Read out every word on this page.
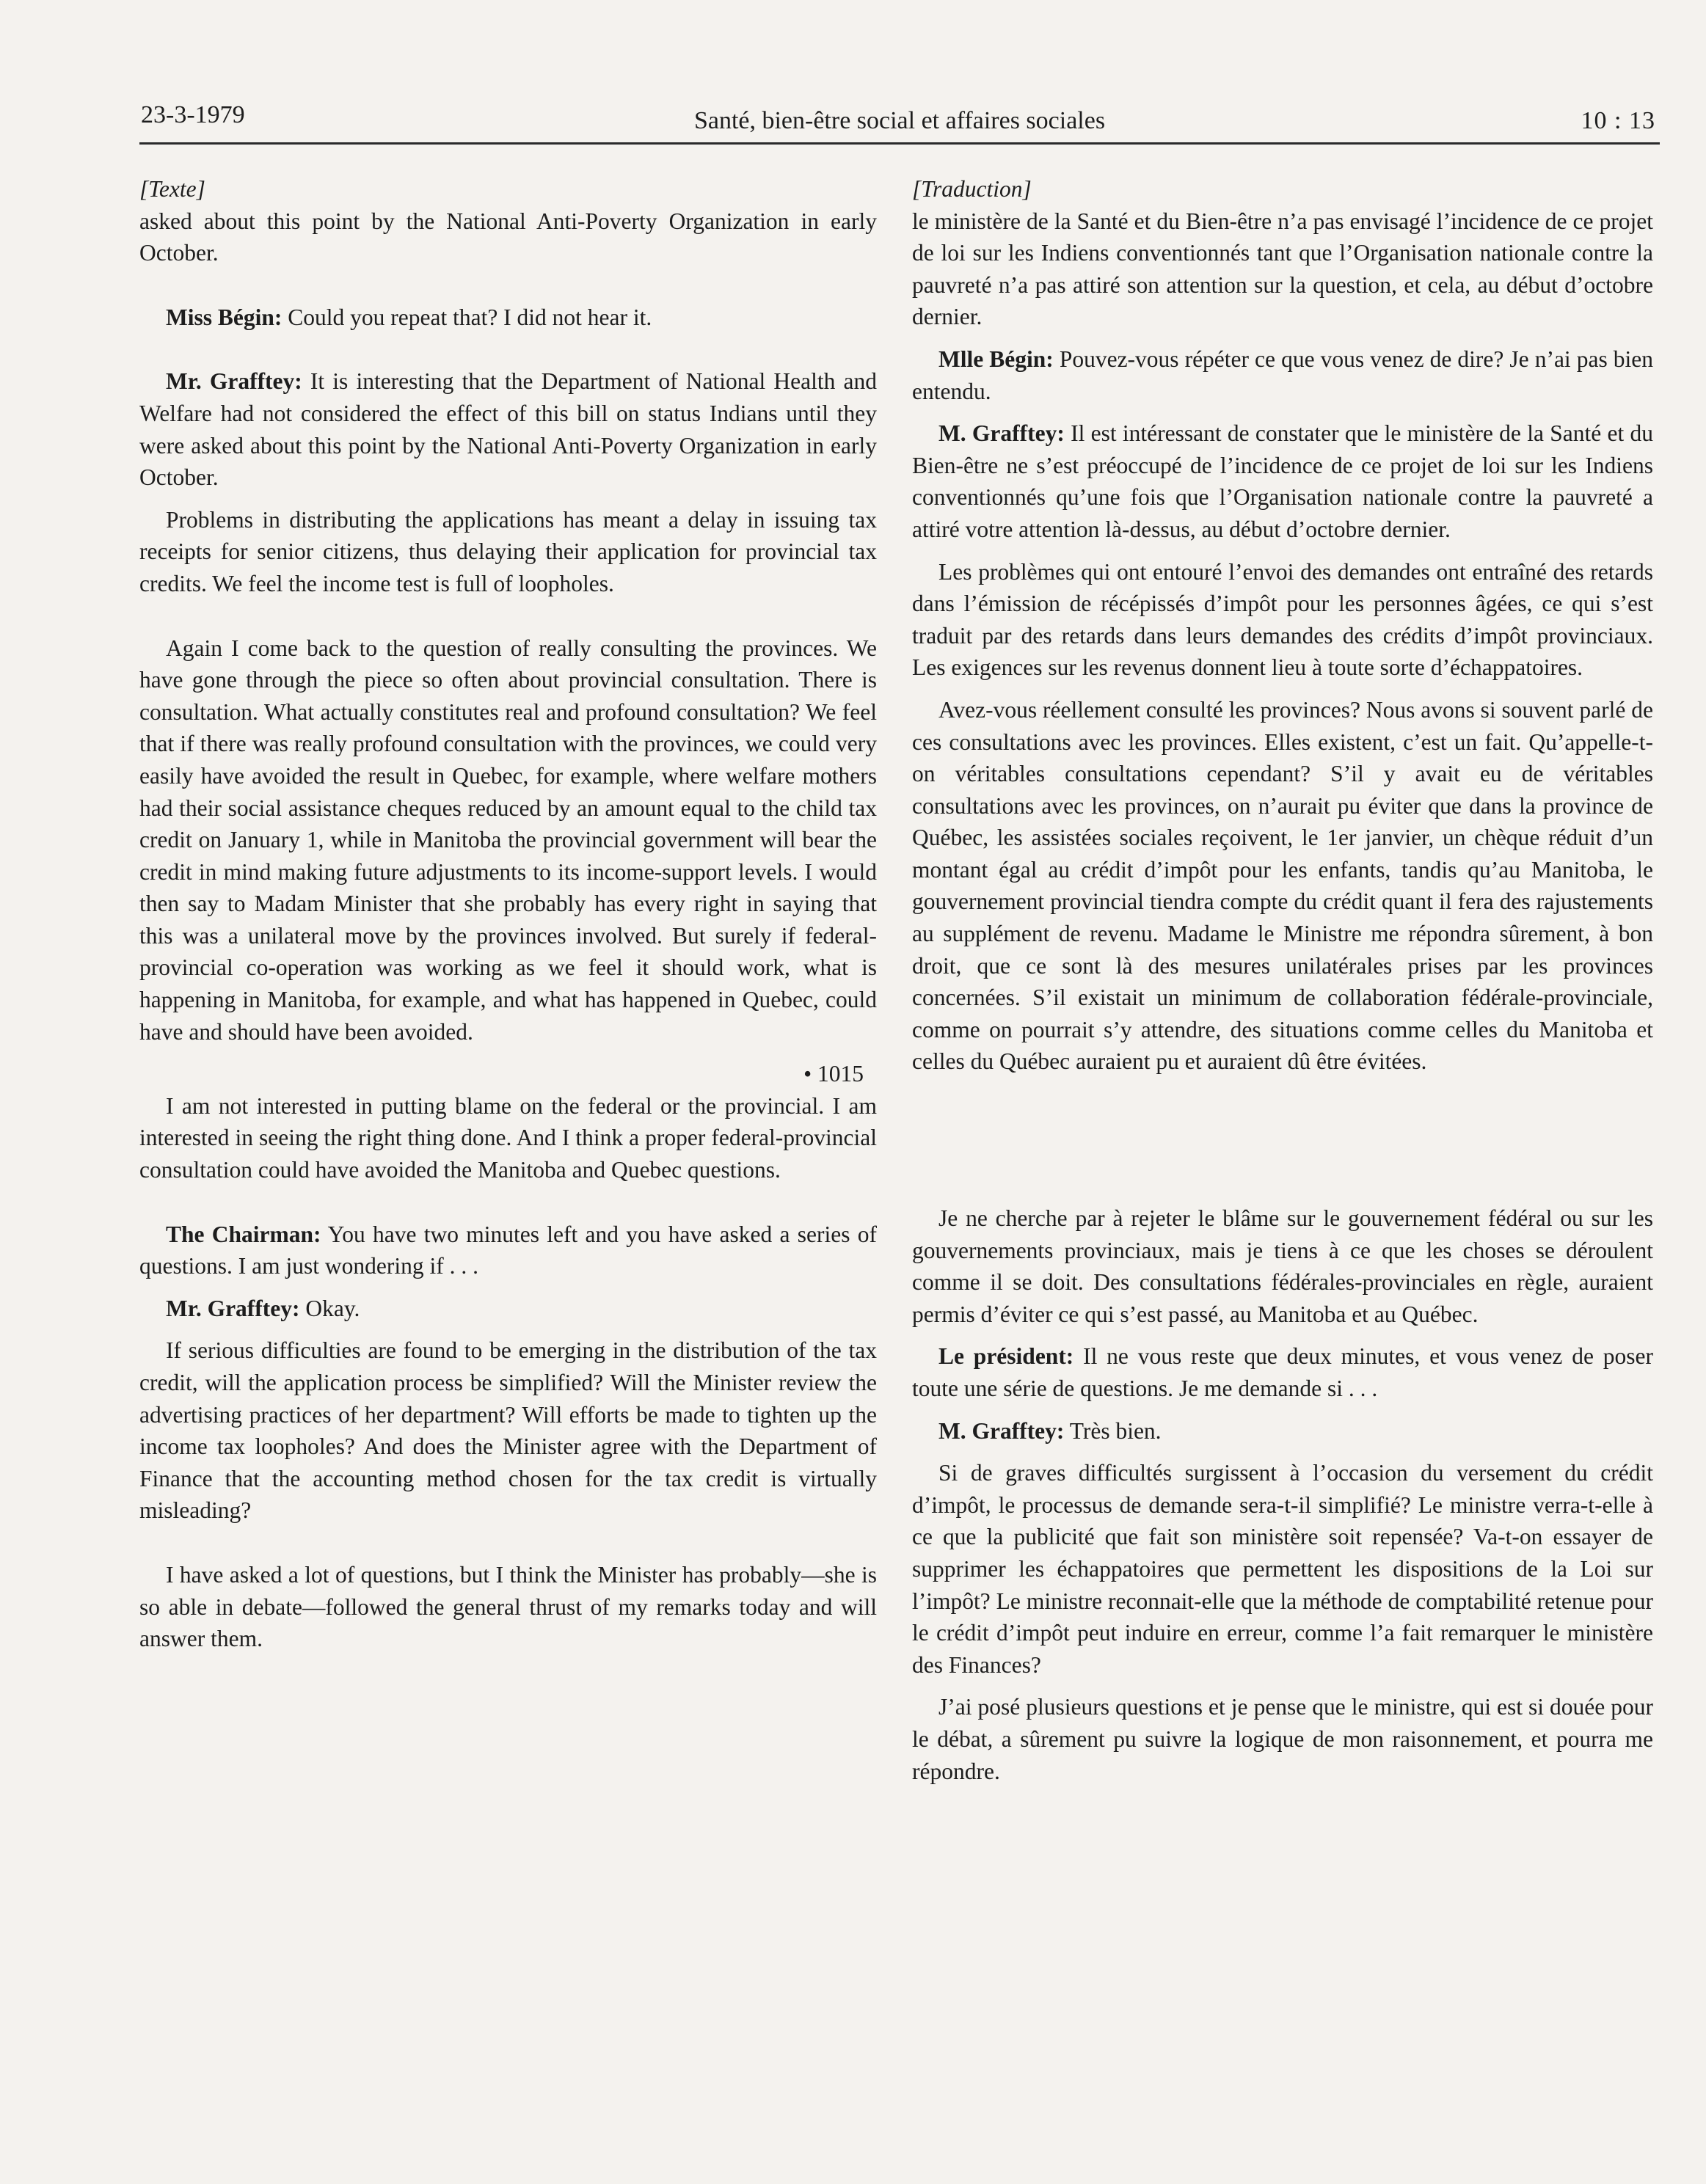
23-3-1979	Santé, bien-être social et affaires sociales	10 : 13

[Texte]

asked about this point by the National Anti-Poverty Organization in early October.

Miss Bégin: Could you repeat that? I did not hear it.

Mr. Grafftey: It is interesting that the Department of National Health and Welfare had not considered the effect of this bill on status Indians until they were asked about this point by the National Anti-Poverty Organization in early October.

Problems in distributing the applications has meant a delay in issuing tax receipts for senior citizens, thus delaying their application for provincial tax credits. We feel the income test is full of loopholes.

Again I come back to the question of really consulting the provinces. We have gone through the piece so often about provincial consultation. There is consultation. What actually constitutes real and profound consultation? We feel that if there was really profound consultation with the provinces, we could very easily have avoided the result in Quebec, for example, where welfare mothers had their social assistance cheques reduced by an amount equal to the child tax credit on January 1, while in Manitoba the provincial government will bear the credit in mind making future adjustments to its income-support levels. I would then say to Madam Minister that she probably has every right in saying that this was a unilateral move by the provinces involved. But surely if federal-provincial co-operation was working as we feel it should work, what is happening in Manitoba, for example, and what has happened in Quebec, could have and should have been avoided.

• 1015

I am not interested in putting blame on the federal or the provincial. I am interested in seeing the right thing done. And I think a proper federal-provincial consultation could have avoided the Manitoba and Quebec questions.

The Chairman: You have two minutes left and you have asked a series of questions. I am just wondering if . . .

Mr. Grafftey: Okay.

If serious difficulties are found to be emerging in the distribution of the tax credit, will the application process be simplified? Will the Minister review the advertising practices of her department? Will efforts be made to tighten up the income tax loopholes? And does the Minister agree with the Department of Finance that the accounting method chosen for the tax credit is virtually misleading?

I have asked a lot of questions, but I think the Minister has probably—she is so able in debate—followed the general thrust of my remarks today and will answer them.

[Traduction]

le ministère de la Santé et du Bien-être n’a pas envisagé l’incidence de ce projet de loi sur les Indiens conventionnés tant que l’Organisation nationale contre la pauvreté n’a pas attiré son attention sur la question, et cela, au début d’octobre dernier.

Mlle Bégin: Pouvez-vous répéter ce que vous venez de dire? Je n’ai pas bien entendu.

M. Grafftey: Il est intéressant de constater que le ministère de la Santé et du Bien-être ne s’est préoccupé de l’incidence de ce projet de loi sur les Indiens conventionnés qu’une fois que l’Organisation nationale contre la pauvreté a attiré votre attention là-dessus, au début d’octobre dernier.

Les problèmes qui ont entouré l’envoi des demandes ont entraîné des retards dans l’émission de récépissés d’impôt pour les personnes âgées, ce qui s’est traduit par des retards dans leurs demandes des crédits d’impôt provinciaux. Les exigences sur les revenus donnent lieu à toute sorte d’échappatoires.

Avez-vous réellement consulté les provinces? Nous avons si souvent parlé de ces consultations avec les provinces. Elles existent, c’est un fait. Qu’appelle-t-on véritables consultations cependant? S’il y avait eu de véritables consultations avec les provinces, on n’aurait pu éviter que dans la province de Québec, les assistées sociales reçoivent, le 1er janvier, un chèque réduit d’un montant égal au crédit d’impôt pour les enfants, tandis qu’au Manitoba, le gouvernement provincial tiendra compte du crédit quant il fera des rajustements au supplément de revenu. Madame le Ministre me répondra sûrement, à bon droit, que ce sont là des mesures unilatérales prises par les provinces concernées. S’il existait un minimum de collaboration fédérale-provinciale, comme on pourrait s’y attendre, des situations comme celles du Manitoba et celles du Québec auraient pu et auraient dû être évitées.

Je ne cherche par à rejeter le blâme sur le gouvernement fédéral ou sur les gouvernements provinciaux, mais je tiens à ce que les choses se déroulent comme il se doit. Des consultations fédérales-provinciales en règle, auraient permis d’éviter ce qui s’est passé, au Manitoba et au Québec.

Le président: Il ne vous reste que deux minutes, et vous venez de poser toute une série de questions. Je me demande si . . .

M. Grafftey: Très bien.

Si de graves difficultés surgissent à l’occasion du versement du crédit d’impôt, le processus de demande sera-t-il simplifié? Le ministre verra-t-elle à ce que la publicité que fait son ministère soit repensée? Va-t-on essayer de supprimer les échappatoires que permettent les dispositions de la Loi sur l’impôt? Le ministre reconnait-elle que la méthode de comptabilité retenue pour le crédit d’impôt peut induire en erreur, comme l’a fait remarquer le ministère des Finances?

J’ai posé plusieurs questions et je pense que le ministre, qui est si douée pour le débat, a sûrement pu suivre la logique de mon raisonnement, et pourra me répondre.
